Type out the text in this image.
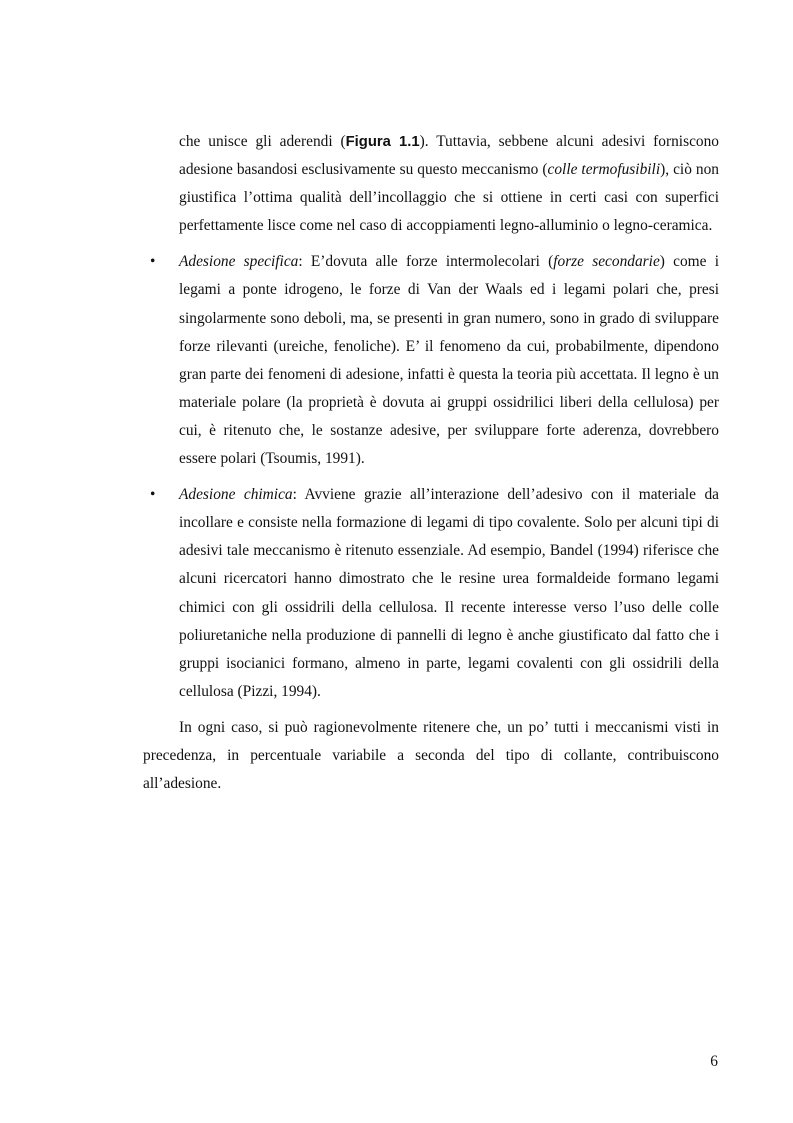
che unisce gli aderendi (Figura 1.1). Tuttavia, sebbene alcuni adesivi forniscono adesione basandosi esclusivamente su questo meccanismo (colle termofusibili), ciò non giustifica l’ottima qualità dell’incollaggio che si ottiene in certi casi con superfici perfettamente lisce come nel caso di accoppiamenti legno-alluminio o legno-ceramica.

•	Adesione specifica: E’dovuta alle forze intermolecolari (forze secondarie) come i legami a ponte idrogeno, le forze di Van der Waals ed i legami polari che, presi singolarmente sono deboli, ma, se presenti in gran numero, sono in grado di sviluppare forze rilevanti (ureiche, fenoliche). E’ il fenomeno da cui, probabilmente, dipendono gran parte dei fenomeni di adesione, infatti è questa la teoria più accettata. Il legno è un materiale polare (la proprietà è dovuta ai gruppi ossidrilici liberi della cellulosa) per cui, è ritenuto che, le sostanze adesive, per sviluppare forte aderenza, dovrebbero essere polari (Tsoumis, 1991).
•	Adesione chimica: Avviene grazie all’interazione dell’adesivo con il materiale da incollare e consiste nella formazione di legami di tipo covalente. Solo per alcuni tipi di adesivi tale meccanismo è ritenuto essenziale. Ad esempio, Bandel (1994) riferisce che alcuni ricercatori hanno dimostrato che le resine urea formaldeide formano legami chimici con gli ossidrili della cellulosa. Il recente interesse verso l’uso delle colle poliuretaniche nella produzione di pannelli di legno è anche giustificato dal fatto che i gruppi isocianici formano, almeno in parte, legami covalenti con gli ossidrili della cellulosa (Pizzi, 1994).

In ogni caso, si può ragionevolmente ritenere che, un po’ tutti i meccanismi visti in precedenza, in percentuale variabile a seconda del tipo di collante, contribuiscono all’adesione.

6
